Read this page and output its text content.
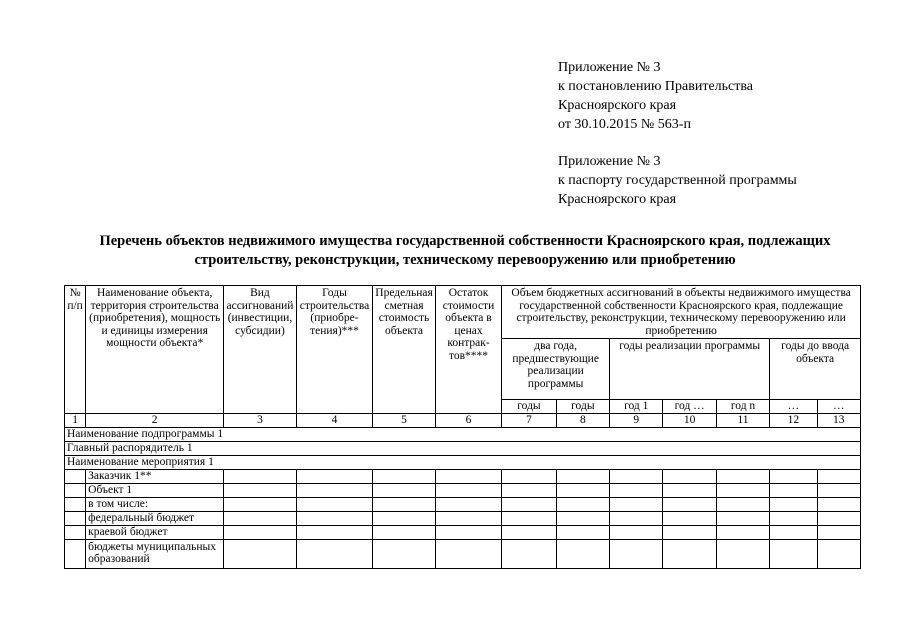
Приложение № 3
к постановлению Правительства
Красноярского края
от 30.10.2015 № 563-п
Приложение № 3
к паспорту государственной программы
Красноярского края
Перечень объектов недвижимого имущества государственной собственности Красноярского края, подлежащих
строительству, реконструкции, техническому перевооружению или приобретению
№ п/п	Наименование объекта, территория строительства (приобретения), мощность и единицы измерения мощности объекта*	Вид ассигнований (инвестиции, субсидии)	Годы строительства (приобре-тения)***	Предельная сметная стоимость объекта	Остаток стоимости объекта в ценах контрак-тов****	Объем бюджетных ассигнований в объекты недвижимого имущества государственной собственности Красноярского края, подлежащие строительству, реконструкции, техническому перевооружению или приобретению						
						два года, предшествующие реализации программы		годы реализации программы			годы до ввода объекта	
						годы	годы	год 1	год …	год n	…	…
1	2	3	4	5	6	7	8	9	10	11	12	13
Наименование подпрограммы 1												
Главный распорядитель 1												
Наименование мероприятия 1												
	Заказчик 1**											
	Объект 1											
	в том числе:											
	федеральный бюджет											
	краевой бюджет											
	бюджеты муниципальных образований											
